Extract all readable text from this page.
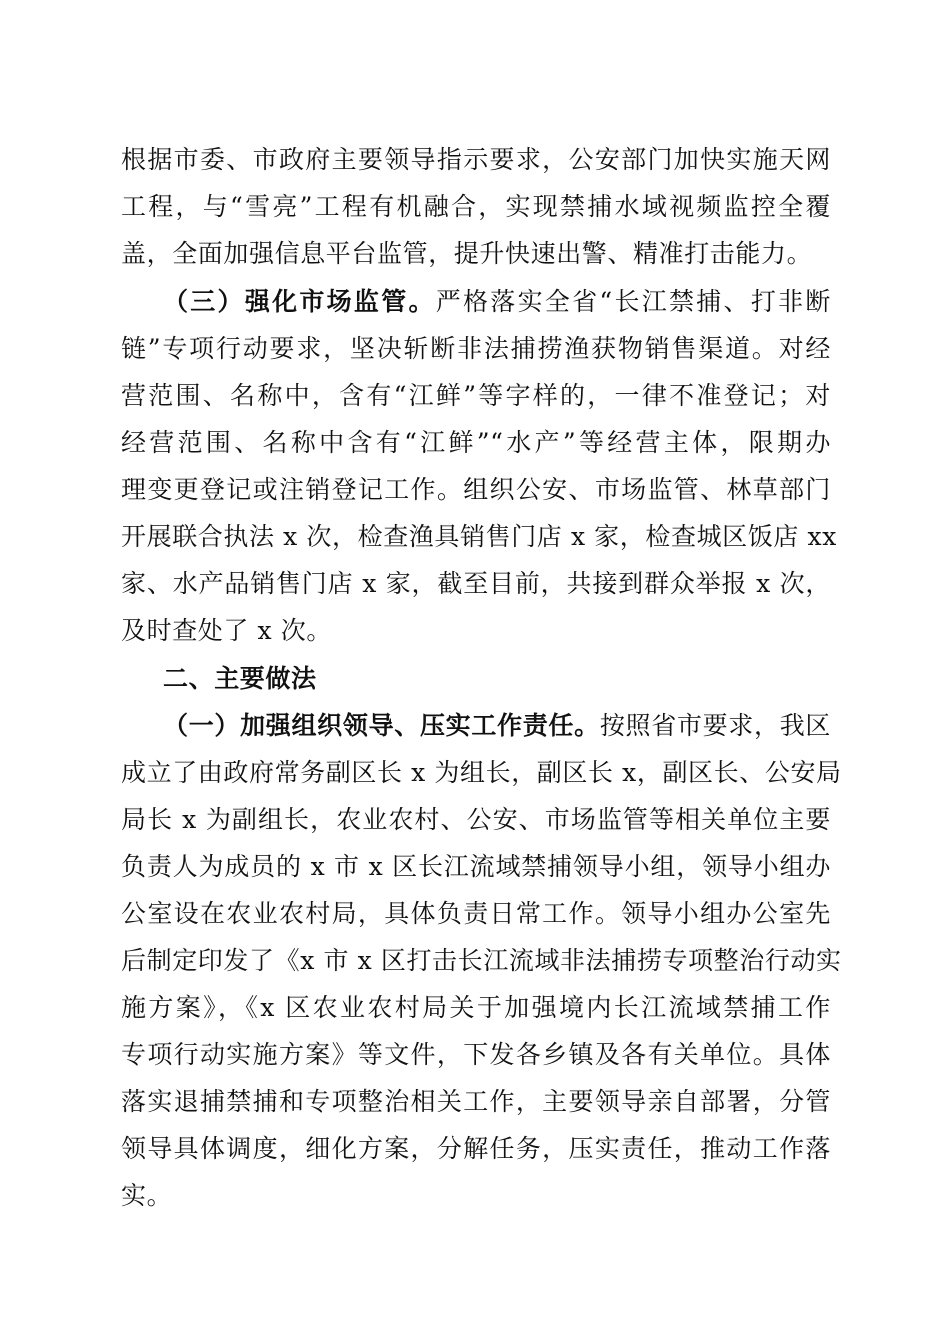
根据市委、市政府主要领导指示要求，公安部门加快实施天网
工程，与“雪亮”工程有机融合，实现禁捕水域视频监控全覆
盖，全面加强信息平台监管，提升快速出警、精准打击能力。
（三）强化市场监管。严格落实全省“长江禁捕、打非断
链”专项行动要求，坚决斩断非法捕捞渔获物销售渠道。对经
营范围、名称中，含有“江鲜”等字样的，一律不准登记；对
经营范围、名称中含有“江鲜”“水产”等经营主体，限期办
理变更登记或注销登记工作。组织公安、市场监管、林草部门
开展联合执法 x 次，检查渔具销售门店 x 家，检查城区饭店 xx
家、水产品销售门店 x 家，截至目前，共接到群众举报 x 次，
及时查处了 x 次。
二、主要做法
（一）加强组织领导、压实工作责任。按照省市要求，我区
成立了由政府常务副区长 x 为组长，副区长 x，副区长、公安局
局长 x 为副组长，农业农村、公安、市场监管等相关单位主要
负责人为成员的 x 市 x 区长江流域禁捕领导小组，领导小组办
公室设在农业农村局，具体负责日常工作。领导小组办公室先
后制定印发了《x 市 x 区打击长江流域非法捕捞专项整治行动实
施方案》，《x 区农业农村局关于加强境内长江流域禁捕工作
专项行动实施方案》等文件，下发各乡镇及各有关单位。具体
落实退捕禁捕和专项整治相关工作，主要领导亲自部署，分管
领导具体调度，细化方案，分解任务，压实责任，推动工作落
实。
